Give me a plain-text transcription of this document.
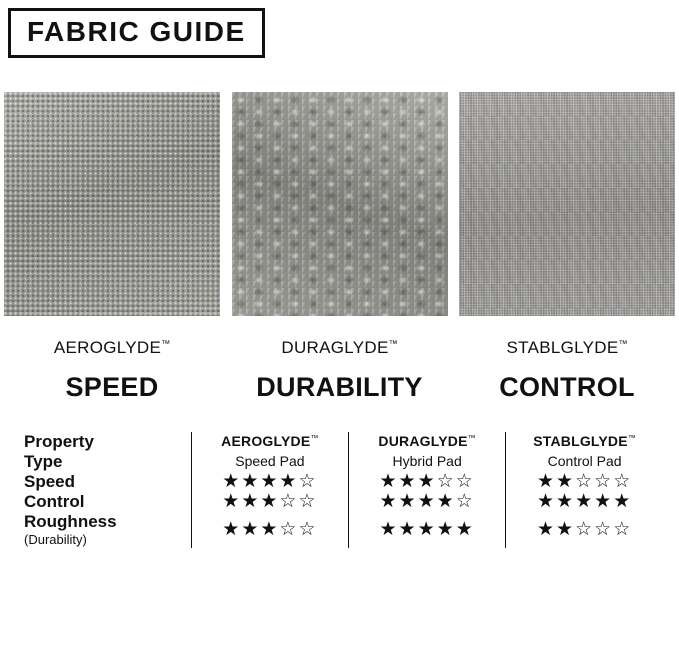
FABRIC GUIDE
AEROGLYDE™
SPEED
DURAGLYDE™
DURABILITY
STABLGLYDE™
CONTROL
Property	AEROGLYDE™	DURAGLYDE™	STABLGLYDE™
Type	Speed Pad	Hybrid Pad	Control Pad
Speed	★★★★☆	★★★☆☆	★★☆☆☆
Control	★★★☆☆	★★★★☆	★★★★★
Roughness
(Durability)	★★★☆☆	★★★★★	★★☆☆☆
